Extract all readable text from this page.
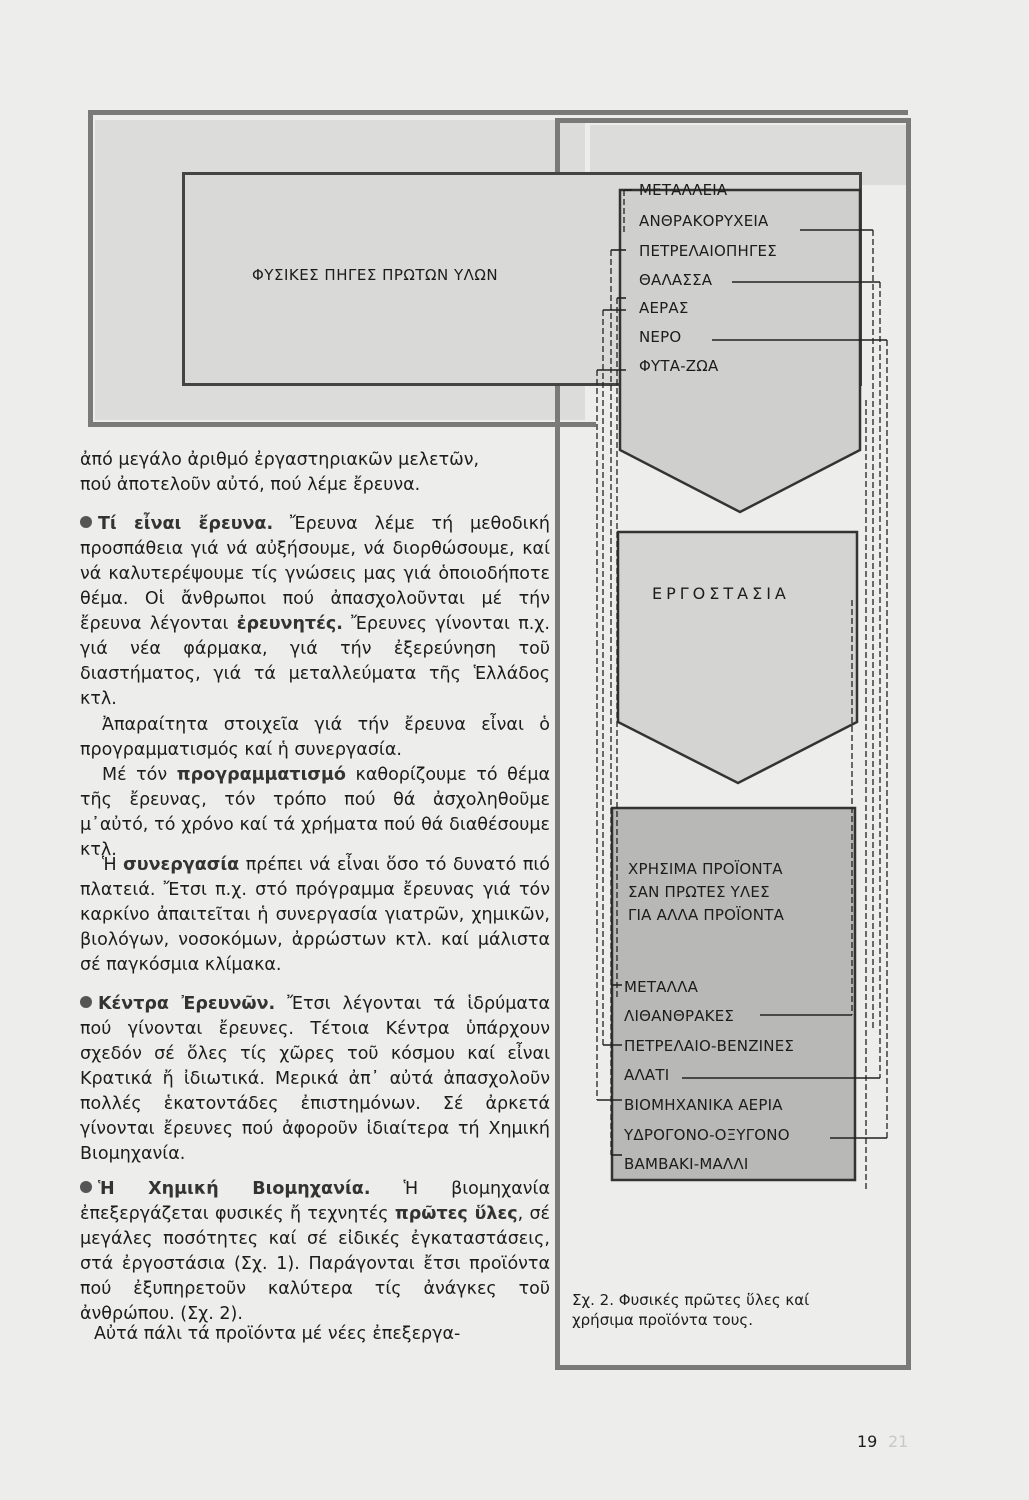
ΦΥΣΙΚΕΣ ΠΗΓΕΣ ΠΡΩΤΩΝ ΥΛΩΝ
ΜΕΤΑΛΛΕΙΑ
ΑΝΘΡΑΚΟΡΥΧΕΙΑ
ΠΕΤΡΕΛΑΙΟΠΗΓΕΣ
ΘΑΛΑΣΣΑ
ΑΕΡΑΣ
ΝΕΡΟ
ΦΥΤΑ-ΖΩΑ
ΕΡΓΟΣΤΑΣΙΑ
ΧΡΗΣΙΜΑ ΠΡΟΪΟΝΤΑ
ΣΑΝ ΠΡΩΤΕΣ ΥΛΕΣ
ΓΙΑ ΑΛΛΑ ΠΡΟΪΟΝΤΑ
ΜΕΤΑΛΛΑ
ΛΙΘΑΝΘΡΑΚΕΣ
ΠΕΤΡΕΛΑΙΟ-ΒΕΝΖΙΝΕΣ
ΑΛΑΤΙ
ΒΙΟΜΗΧΑΝΙΚΑ ΑΕΡΙΑ
ΥΔΡΟΓΟΝΟ-ΟΞΥΓΟΝΟ
ΒΑΜΒΑΚΙ-ΜΑΛΛΙ
Σχ. 2. Φυσικές πρῶτες ὕλες καί
χρήσιμα προϊόντα τους.
ἀπό μεγάλο ἀριθμό ἐργαστηριακῶν μελετῶν,
πού ἀποτελοῦν αὐτό, πού λέμε ἔρευνα.

Τί εἶναι ἔρευνα. Ἔρευνα λέμε τή μεθοδική προσπάθεια γιά νά αὐξήσουμε, νά διορθώσουμε, καί νά καλυτερέψουμε τίς γνώσεις μας γιά ὁποιοδήποτε θέμα. Οἱ ἄνθρωποι πού ἀπασχολοῦνται μέ τήν ἔρευνα λέγονται ἐρευνητές. Ἔρευνες γίνονται π.χ. γιά νέα φάρμακα, γιά τήν ἐξερεύνηση τοῦ διαστήματος, γιά τά μεταλλεύματα τῆς Ἑλλάδος κτλ.

Ἀπαραίτητα στοιχεῖα γιά τήν ἔρευνα εἶναι ὁ προγραμματισμός καί ἡ συνεργασία.

Μέ τόν προγραμματισμό καθορίζουμε τό θέμα τῆς ἔρευνας, τόν τρόπο πού θά ἀσχοληθοῦμε μ᾽αὐτό, τό χρόνο καί τά χρήματα πού θά διαθέσουμε κτλ.

Ἡ συνεργασία πρέπει νά εἶναι ὅσο τό δυνατό πιό πλατειά. Ἔτσι π.χ. στό πρόγραμμα ἔρευνας γιά τόν καρκίνο ἀπαιτεῖται ἡ συνεργασία γιατρῶν, χημικῶν, βιολόγων, νοσοκόμων, ἀρρώστων κτλ. καί μάλιστα σέ παγκόσμια κλίμακα.

Κέντρα Ἐρευνῶν. Ἔτσι λέγονται τά ἱδρύματα πού γίνονται ἔρευνες. Τέτοια Κέντρα ὑπάρχουν σχεδόν σέ ὅλες τίς χῶρες τοῦ κόσμου καί εἶναι Κρατικά ἤ ἰδιωτικά. Μερικά ἀπ᾽ αὐτά ἀπασχολοῦν πολλές ἑκατοντάδες ἐπιστημόνων. Σέ ἀρκετά γίνονται ἔρευνες πού ἀφοροῦν ἰδιαίτερα τή Χημική Βιομηχανία.

Ἡ Χημική Βιομηχανία. Ἡ βιομηχανία ἐπεξεργάζεται φυσικές ἤ τεχνητές πρῶτες ὕλες, σέ μεγάλες ποσότητες καί σέ εἰδικές ἐγκαταστάσεις, στά ἐργοστάσια (Σχ. 1). Παράγονται ἔτσι προϊόντα πού ἐξυπηρετοῦν καλύτερα τίς ἀνάγκες τοῦ ἀνθρώπου. (Σχ. 2).

Αὐτά πάλι τά προϊόντα μέ νέες ἐπεξεργα-

19 21
